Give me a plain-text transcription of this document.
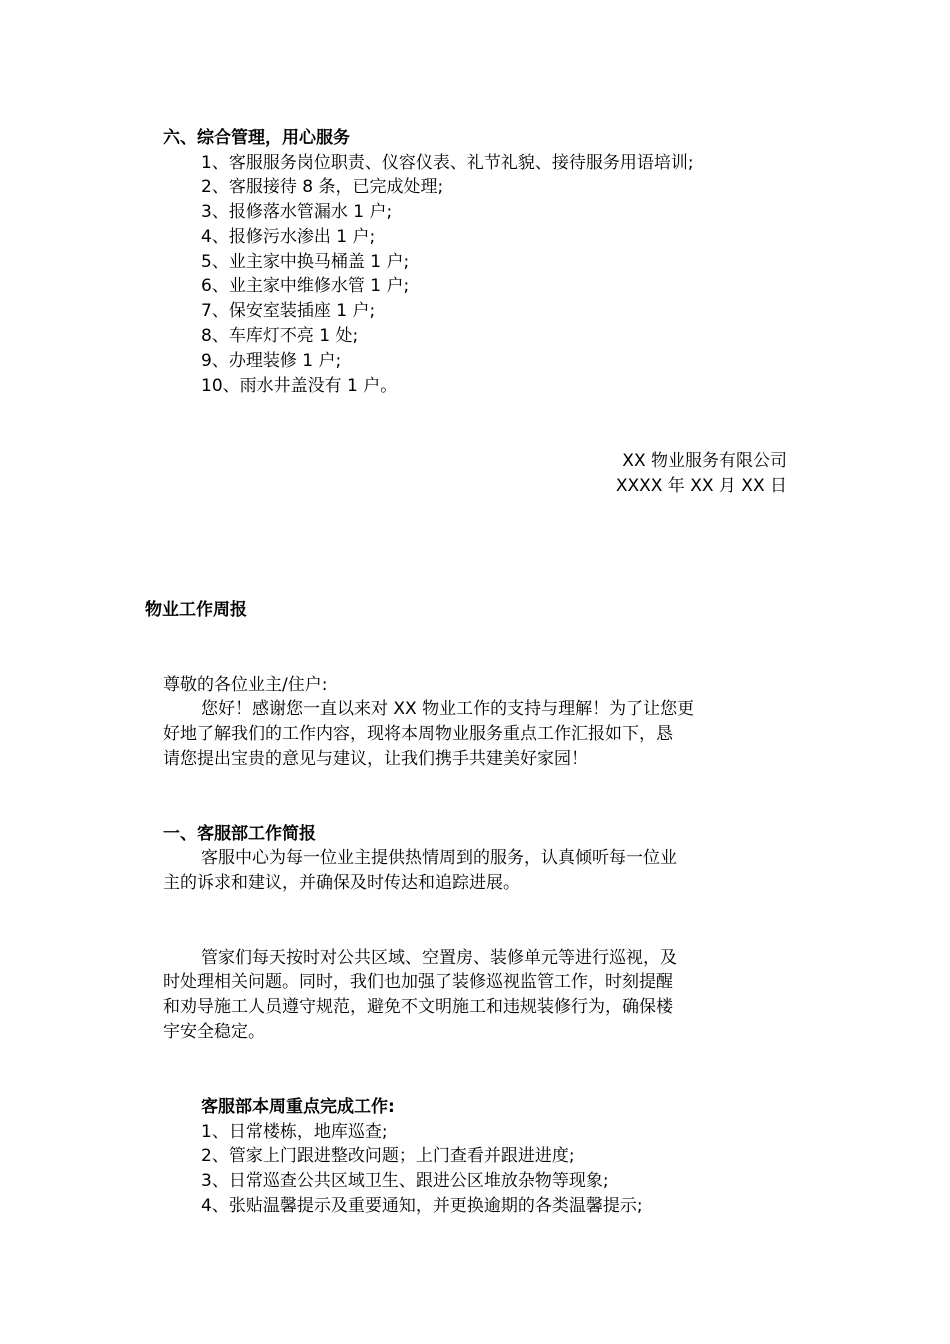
六、综合管理，用心服务
1、客服服务岗位职责、仪容仪表、礼节礼貌、接待服务用语培训;
2、客服接待 8 条，已完成处理;
3、报修落水管漏水 1 户;
4、报修污水渗出 1 户;
5、业主家中换马桶盖 1 户;
6、业主家中维修水管 1 户;
7、保安室装插座 1 户;
8、车库灯不亮 1 处;
9、办理装修 1 户;
10、雨水井盖没有 1 户。
XX 物业服务有限公司
XXXX 年 XX 月 XX 日
物业工作周报
尊敬的各位业主/住户:
您好！感谢您一直以来对 XX 物业工作的支持与理解！为了让您更
好地了解我们的工作内容，现将本周物业服务重点工作汇报如下，恳
请您提出宝贵的意见与建议，让我们携手共建美好家园！
一、客服部工作简报
客服中心为每一位业主提供热情周到的服务，认真倾听每一位业
主的诉求和建议，并确保及时传达和追踪进展。
管家们每天按时对公共区域、空置房、装修单元等进行巡视，及
时处理相关问题。同时，我们也加强了装修巡视监管工作，时刻提醒
和劝导施工人员遵守规范，避免不文明施工和违规装修行为，确保楼
宇安全稳定。
客服部本周重点完成工作:
1、日常楼栋，地库巡查;
2、管家上门跟进整改问题；上门查看并跟进进度;
3、日常巡查公共区域卫生、跟进公区堆放杂物等现象;
4、张贴温馨提示及重要通知，并更换逾期的各类温馨提示;
